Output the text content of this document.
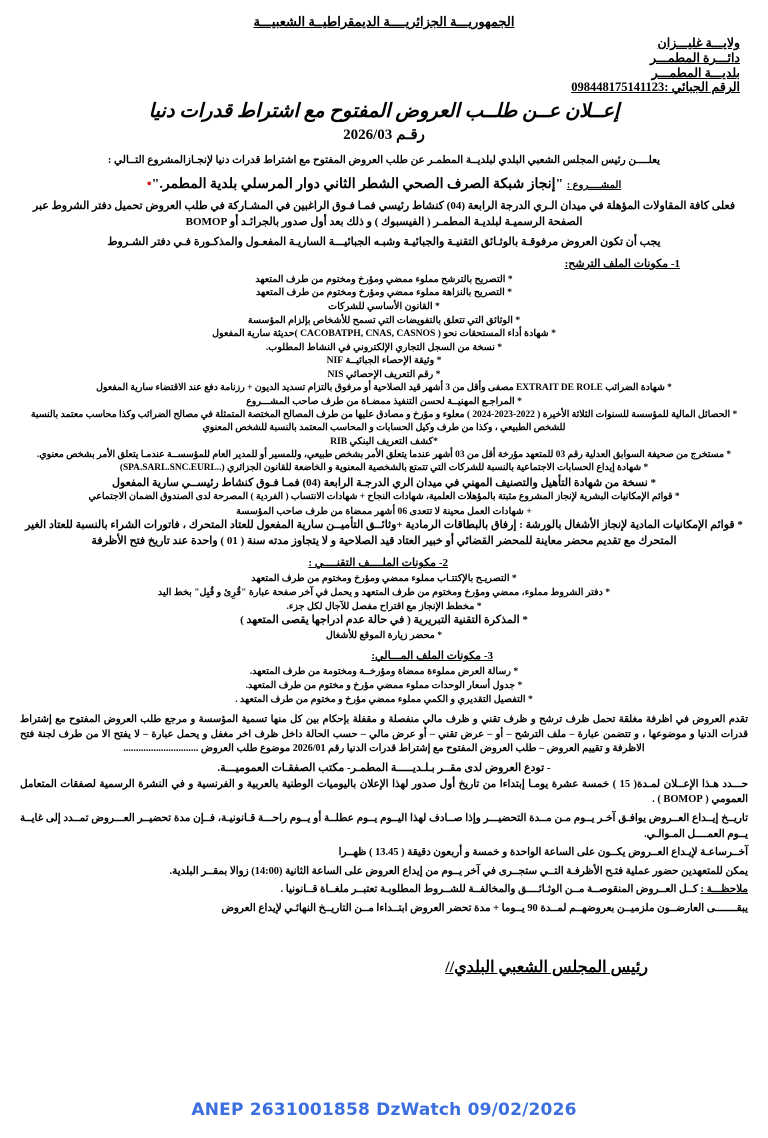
الجمهوريـــة الجزائريــــة الديمقراطيــة الشعبيـــة
ولايـــة غليـــزان
دائـــرة المطمـــر
بلديـــة المطمـــر
الرقم الجبائي :098448175141123
إعــلان عــن طلــب العروض المفتوح مع اشتراط قدرات دنيا
رقـم 2026/03
يعلــــن رئيس المجلس الشعبي البلدي لبلديــة المطمـر عن طلب العروض المفتوح مع اشتراط قدرات دنيا لإنجـازالمشروع التــالي :
المشــــروع : "إنجاز شبكة الصرف الصحي الشطر الثاني دوار المرسلي بلدية المطمر."•
فعلى كافة المقاولات المؤهلة في ميدان الـري الدرجة الرابعة (04) كنشاط رئيسي فمـا فـوق الراغبين في المشـاركة في طلب العروض تحميل دفتر الشروط عبر الصفحة الرسميـة لبلديـة المطمـر ( الفيسبوك ) و ذلك بعد أول صدور بالجرائـد أو BOMOP
يجب أن تكون العروض مرفوقـة بالوثـائق التقنيـة والجبائيـة وشبـه الجبائيـــة الساريـة المفعـول والمذكـورة فـي دفتر الشـروط
1- مكونات الملف الترشح:
* التصريح بالترشح مملوء ممضي ومؤرخ ومختوم من طرف المتعهد
* التصريح بالنزاهة مملوء ممضي ومؤرخ ومختوم من طرف المتعهد
* القانون الأساسي للشركات
* الوثائق التي تتعلق بالتفويضات التي تسمح للأشخاص بإلزام المؤسسة
* شهادة أداء المستحقات نحو ( CACOBATPH, CNAS, CASNOS )حديثة سارية المفعول
* نسخة من السجل التجاري الإلكتروني في النشاط المطلوب.
* وثيقة الإحصاء الجبائيــة NIF
* رقم التعريف الإحصائي NIS
* شهادة الضرائب EXTRAIT DE ROLE مصفى وأقل من 3 أشهر قيد الصلاحية أو مرفوق بالتزام تسديد الديون + رزنامة دفع عند الاقتضاء سارية المفعول
* المراجـع المهنيــة لحسن التنفيذ ممضـاة من طرف صاحب المشـــروع
* الحصائل المالية للمؤسسة للسنوات الثلاثة الأخيرة ( 2022-2023-2024 ) معلوء و مؤرخ و مصادق عليها من طرف المصالح المختصة المتمثلة في مصالح الضرائب وكذا محاسب معتمد بالنسبة للشخص الطبيعي ، وكذا من طرف وكيل الحسابات و المحاسب المعتمد بالنسبة للشخص المعنوي
*كشف التعريف البنكي RIB
* مستخرج من صحيفة السوابق العدلية رقم 03 للمتعهد مؤرخة أقل من 03 أشهر عندما يتعلق الأمر بشخص طبيعي، وللمسير أو للمدير العام للمؤسســة عندمـا يتعلق الأمر بشخص معنوي.
* شهادة إيداع الحسابات الاجتماعية بالنسبة للشركات التي تتمتع بالشخصية المعنوية و الخاضعة للقانون الجزائري (..SPA.SARL.SNC.EURL)
* نسخة من شهادة التأهيل والتصنيف المهني في ميدان الري الدرجـة الرابعة (04) فمـا فـوق كنشاط رئيســي سارية المفعول
* قوائم الإمكانيات البشرية لإنجاز المشروع مثبتة بالمؤهلات العلمية، شهادات النجاح + شهادات الانتساب ( الفردية ) المصرحة لدى الصندوق الضمان الاجتماعي
+ شهادات العمل محينة لا تتعدى 06 أشهر ممضاة من طرف صاحب المؤسسة
* قوائم الإمكانيات المادية لإنجاز الأشغال بالورشة : إرفاق بالبطاقات الرمادية +وثائــق التأميــن سارية المفعول للعتاد المتحرك ، فاتورات الشراء بالنسبة للعتاد الغير المتحرك مع تقديم محضر معاينة للمحضر القضائي أو خبير العتاد قيد الصلاحية و لا يتجاوز مدته سنة ( 01 ) واحدة عند تاريخ فتح الأظرفة
2- مكونات الملــــف التقنــــي :
* التصريـح بالإكتتـاب مملوء ممضي ومؤرخ ومختوم من طرف المتعهد
* دفتر الشروط مملوء، ممضي ومؤرخ ومختوم من طرف المتعهد و يحمل في آخر صفحة عبارة "قُرِئ و قُبِل" بخط اليد
* مخطط الإنجاز مع اقتراح مفصل للآجال لكل جزء.
* المذكرة التقنية التبريرية ( في حالة عدم ادراجها يقصى المتعهد )
* محضر زيارة الموقع للأشغال
3- مكونات الملف المـــالي:
* رسالة العرض مملوءة ممضاة ومؤرخــة ومختومة من طرف المتعهد.
* جدول أسعار الوحدات مملوء ممضي مؤرخ و مختوم من طرف المتعهد.
* التفصيل التقديري و الكمي مملوء ممضي مؤرخ و مختوم من طرف المتعهد .
تقدم العروض في اظرفة مغلقة تحمل ظرف ترشح و ظرف تقني و ظرف مالي منفصلة و مقفلة بإحكام بين كل منها تسمية المؤسسة و مرجع طلب العروض المفتوح مع إشتراط قدرات الدنيا و موضوعها ، و تتضمن عبارة – ملف الترشح – أو – عرض تقني – أو عرض مالي – حسب الحالة داخل ظرف اخر مغفل و يحمل عبارة – لا يفتح الا من طرف لجنة فتح الاظرفة و تقييم العروض – طلب العروض المفتوح مع إشتراط قدرات الدنيا رقم 2026/01 موضوع طلب العروض ..............................
- تودع العروض لدى مقــر بـلـديـــــة المطمـر- مكتب الصفقـات العموميـــة.
حـــدد هـذا الإعــلان لمـدة( 15 ) خمسة عشرة يومـا إبتداءا من تاريخ أول صدور لهذا الإعلان باليوميات الوطنية بالعربية و الفرنسية و في النشرة الرسمية لصفقات المتعامل العمومي ( BOMOP ) .
تاريــخ إيــداع العــروض يوافـق آخـر يــوم مـن مــدة التحضيـــر وإذا صــادف لهذا اليــوم يــوم عطلــة أو يــوم راحـــة قـانونيـة، فــإن مدة تحضيــر العـــروض تمــدد إلى غايــة يــوم العمــــل المـوالـي.
آخــرساعـة لإيـداع العــروض يكــون على الساعة الواحدة و خمسة و أربعون دقيقة ( 13.45 ) ظهــرا
يمكن للمتعهدين حضور عملية فتـح الأظرفـة التــي ستجــرى في آخر يــوم من إيداع العروض على الساعة الثانية (14:00) زوالا بمقــر البلدية.
ملاحظـــة : كــل العــروض المنقوصــة مــن الوثـائــــق والمخالفــة للشــروط المطلوبـة تعتبــر ملغــاة قــانونيا .
يبقـــــــى العارضــون ملزميــن بعروضهــم لمــدة 90 يــوما + مدة تحضر العروض ابتــداءا مــن التاريــخ النهائـي لإيداع العروض
رئيس المجلس الشعبي البلدي//
ANEP 2631001858 DzWatch 09/02/2026
